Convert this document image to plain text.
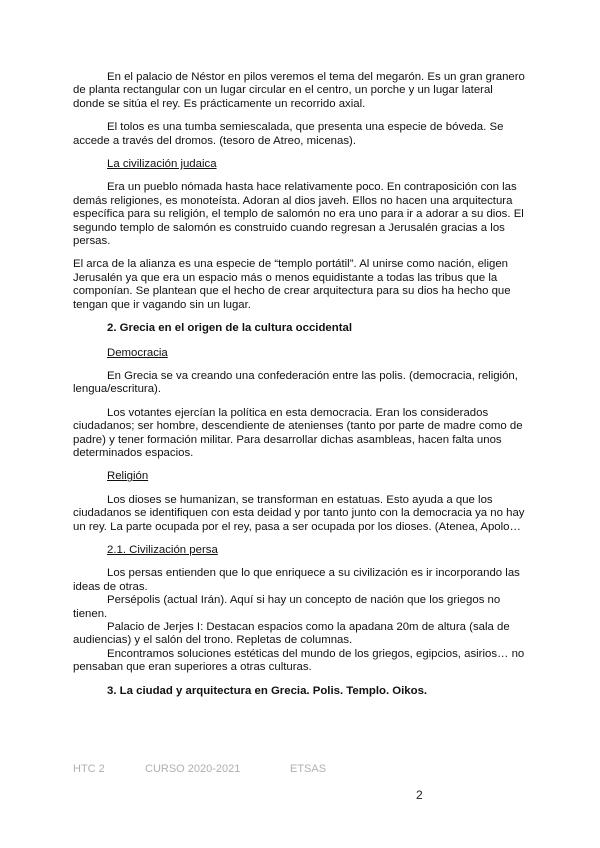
En el palacio de Néstor en pilos veremos el tema del megarón. Es un gran granero de planta rectangular con un lugar circular en el centro, un porche y un lugar lateral donde se sitúa el rey. Es prácticamente un recorrido axial.

El tolos es una tumba semiescalada, que presenta una especie de bóveda. Se accede a través del dromos. (tesoro de Atreo, micenas).

La civilización judaica

Era un pueblo nómada hasta hace relativamente poco. En contraposición con las demás religiones, es monoteísta. Adoran al dios javeh. Ellos no hacen una arquitectura específica para su religión, el templo de salomón no era uno para ir a adorar a su dios. El segundo templo de salomón es construido cuando regresan a Jerusalén gracias a los persas.

El arca de la alianza es una especie de “templo portátil”. Al unirse como nación, eligen Jerusalén ya que era un espacio más o menos equidistante a todas las tribus que la componían. Se plantean que el hecho de crear arquitectura para su dios ha hecho que tengan que ir vagando sin un lugar.

2. Grecia en el origen de la cultura occidental

Democracia

En Grecia se va creando una confederación entre las polis. (democracia, religión, lengua/escritura).

Los votantes ejercían la política en esta democracia. Eran los considerados ciudadanos; ser hombre, descendiente de atenienses (tanto por parte de madre como de padre) y tener formación militar. Para desarrollar dichas asambleas, hacen falta unos determinados espacios.

Religión

Los dioses se humanizan, se transforman en estatuas. Esto ayuda a que los ciudadanos se identifiquen con esta deidad y por tanto junto con la democracia ya no hay un rey. La parte ocupada por el rey, pasa a ser ocupada por los dioses. (Atenea, Apolo…

2.1. Civilización persa

Los persas entienden que lo que enriquece a su civilización es ir incorporando las ideas de otras.

Persépolis (actual Irán). Aquí si hay un concepto de nación que los griegos no tienen.

Palacio de Jerjes I: Destacan espacios como la apadana 20m de altura (sala de audiencias) y el salón del trono. Repletas de columnas.

Encontramos soluciones estéticas del mundo de los griegos, egipcios, asirios… no pensaban que eran superiores a otras culturas.

3. La ciudad y arquitectura en Grecia. Polis. Templo. Oikos.

HTC 2	CURSO 2020-2021	ETSAS
2
